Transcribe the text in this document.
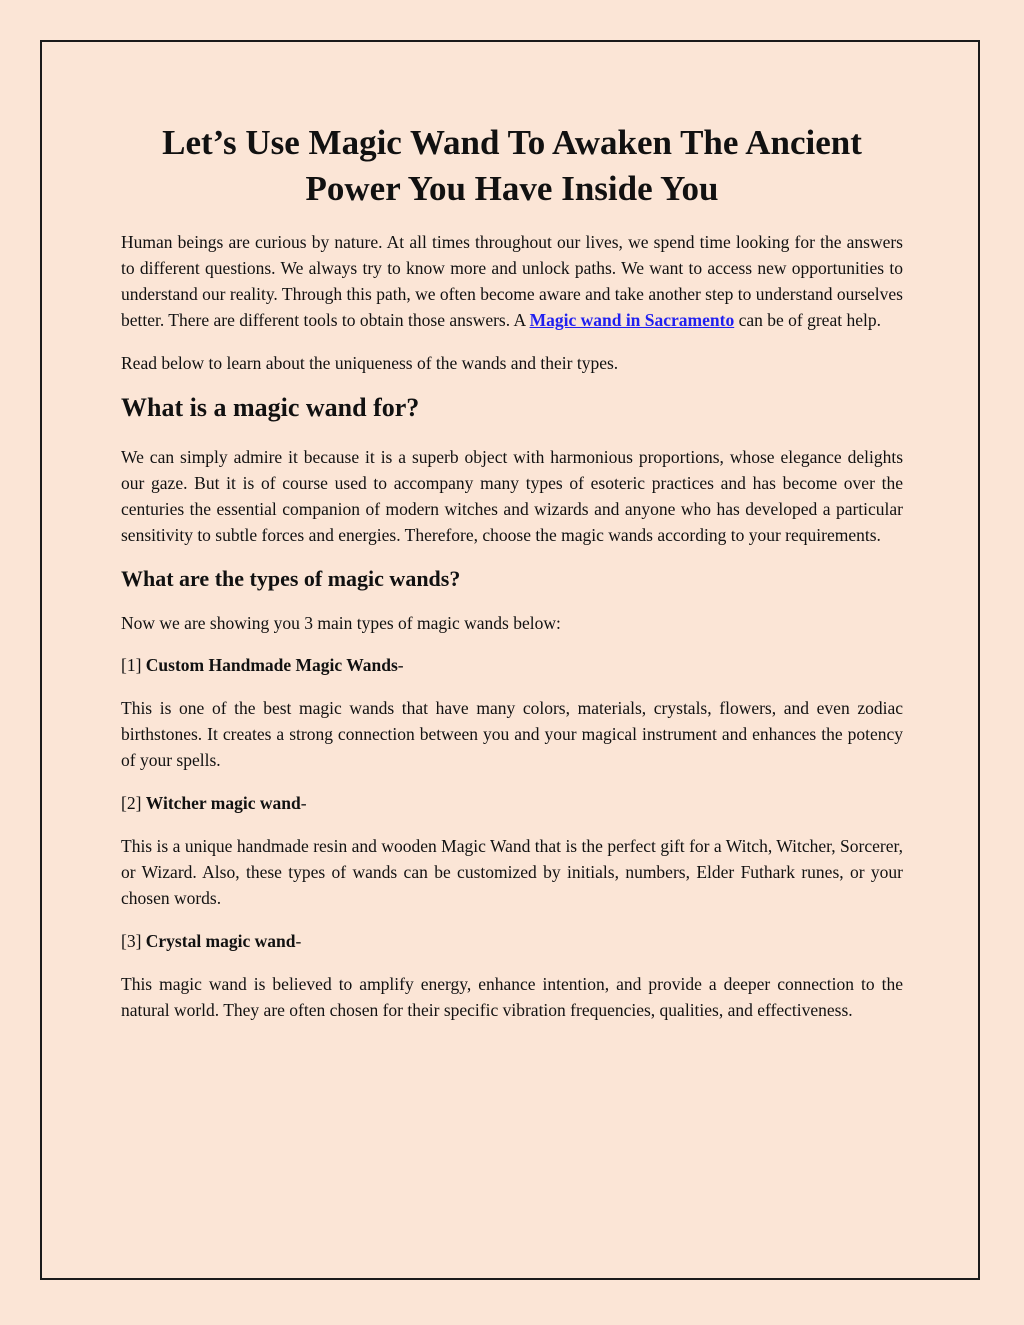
Let’s Use Magic Wand To Awaken The Ancient Power You Have Inside You

Human beings are curious by nature. At all times throughout our lives, we spend time looking for the answers to different questions. We always try to know more and unlock paths. We want to access new opportunities to understand our reality. Through this path, we often become aware and take another step to understand ourselves better. There are different tools to obtain those answers. A Magic wand in Sacramento can be of great help.

Read below to learn about the uniqueness of the wands and their types.

What is a magic wand for?

We can simply admire it because it is a superb object with harmonious proportions, whose elegance delights our gaze. But it is of course used to accompany many types of esoteric practices and has become over the centuries the essential companion of modern witches and wizards and anyone who has developed a particular sensitivity to subtle forces and energies. Therefore, choose the magic wands according to your requirements.

What are the types of magic wands?

Now we are showing you 3 main types of magic wands below:

[1] Custom Handmade Magic Wands-

This is one of the best magic wands that have many colors, materials, crystals, flowers, and even zodiac birthstones. It creates a strong connection between you and your magical instrument and enhances the potency of your spells.

[2] Witcher magic wand-

This is a unique handmade resin and wooden Magic Wand that is the perfect gift for a Witch, Witcher, Sorcerer, or Wizard. Also, these types of wands can be customized by initials, numbers, Elder Futhark runes, or your chosen words.

[3] Crystal magic wand-

This magic wand is believed to amplify energy, enhance intention, and provide a deeper connection to the natural world. They are often chosen for their specific vibration frequencies, qualities, and effectiveness.
